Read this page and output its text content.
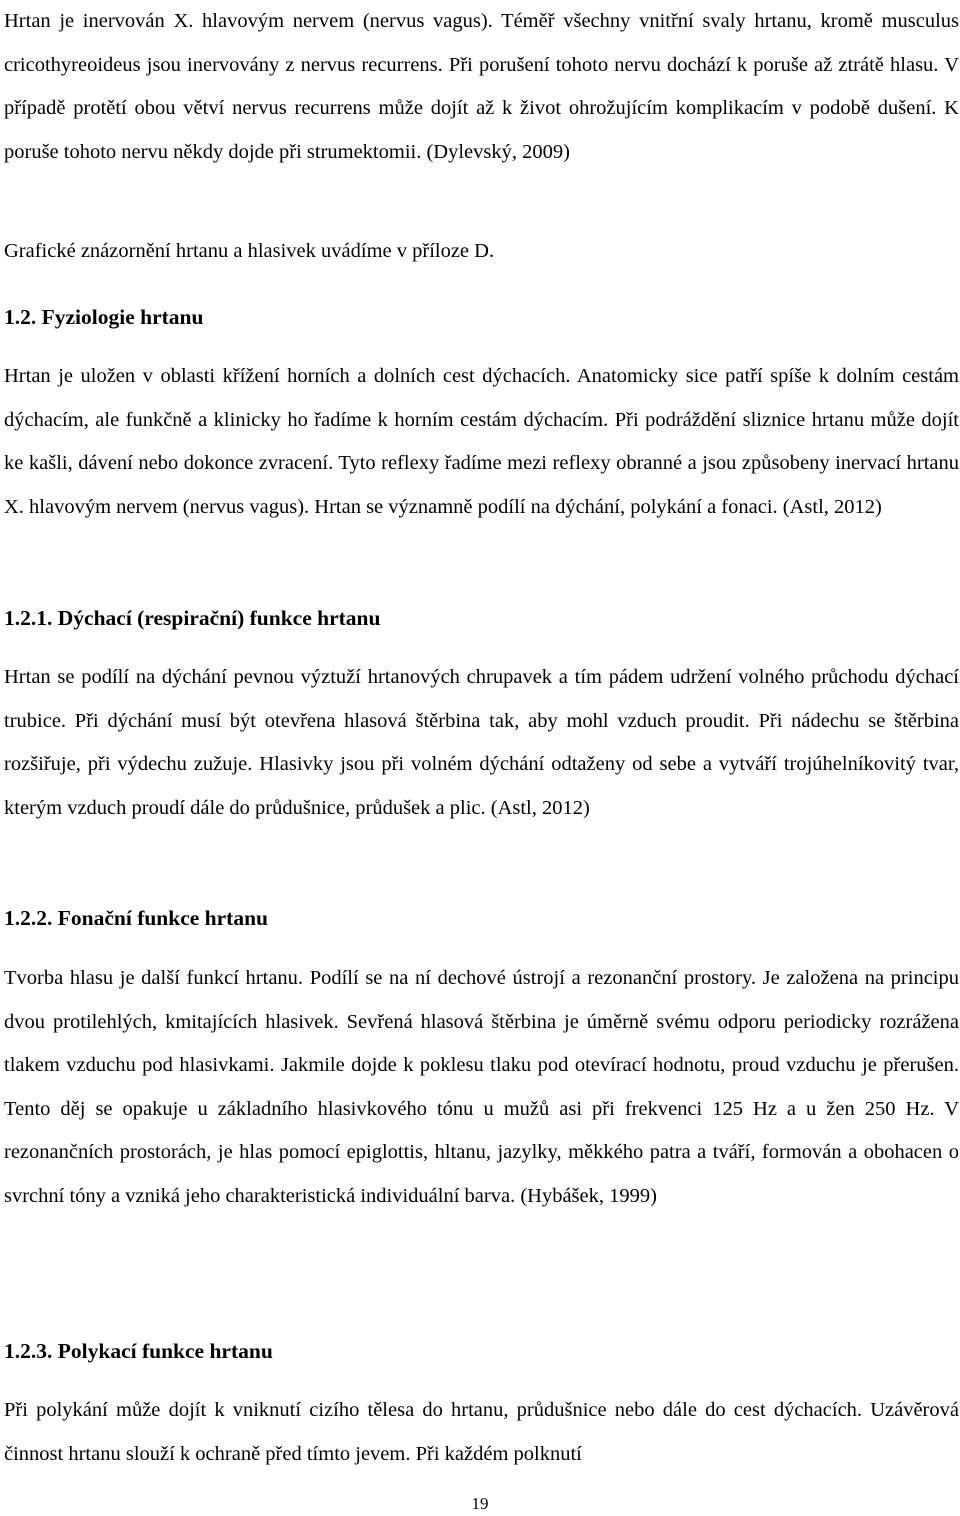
Hrtan je inervován X. hlavovým nervem (nervus vagus). Téměř všechny vnitřní svaly hrtanu, kromě musculus cricothyreoideus jsou inervovány z nervus recurrens. Při porušení tohoto nervu dochází k poruše až ztrátě hlasu. V případě protětí obou větví nervus recurrens může dojít až k život ohrožujícím komplikacím v podobě dušení. K poruše tohoto nervu někdy dojde při strumektomii. (Dylevský, 2009)

Grafické znázornění hrtanu a hlasivek uvádíme v příloze D.

1.2. Fyziologie hrtanu

Hrtan je uložen v oblasti křížení horních a dolních cest dýchacích. Anatomicky sice patří spíše k dolním cestám dýchacím, ale funkčně a klinicky ho řadíme k horním cestám dýchacím. Při podráždění sliznice hrtanu může dojít ke kašli, dávení nebo dokonce zvracení. Tyto reflexy řadíme mezi reflexy obranné a jsou způsobeny inervací hrtanu X. hlavovým nervem (nervus vagus). Hrtan se významně podílí na dýchání, polykání a fonaci. (Astl, 2012)

1.2.1. Dýchací (respirační) funkce hrtanu

Hrtan se podílí na dýchání pevnou výztuží hrtanových chrupavek a tím pádem udržení volného průchodu dýchací trubice. Při dýchání musí být otevřena hlasová štěrbina tak, aby mohl vzduch proudit. Při nádechu se štěrbina rozšiřuje, při výdechu zužuje. Hlasivky jsou při volném dýchání odtaženy od sebe a vytváří trojúhelníkovitý tvar, kterým vzduch proudí dále do průdušnice, průdušek a plic. (Astl, 2012)

1.2.2. Fonační funkce hrtanu

Tvorba hlasu je další funkcí hrtanu. Podílí se na ní dechové ústrojí a rezonanční prostory. Je založena na principu dvou protilehlých, kmitajících hlasivek. Sevřená hlasová štěrbina je úměrně svému odporu periodicky rozrážena tlakem vzduchu pod hlasivkami. Jakmile dojde k poklesu tlaku pod otevírací hodnotu, proud vzduchu je přerušen. Tento děj se opakuje u základního hlasivkového tónu u mužů asi při frekvenci 125 Hz a u žen 250 Hz. V rezonančních prostorách, je hlas pomocí epiglottis, hltanu, jazylky, měkkého patra a tváří, formován a obohacen o svrchní tóny a vzniká jeho charakteristická individuální barva. (Hybášek, 1999)

1.2.3. Polykací funkce hrtanu

Při polykání může dojít k vniknutí cizího tělesa do hrtanu, průdušnice nebo dále do cest dýchacích. Uzávěrová činnost hrtanu slouží k ochraně před tímto jevem. Při každém polknutí

19
